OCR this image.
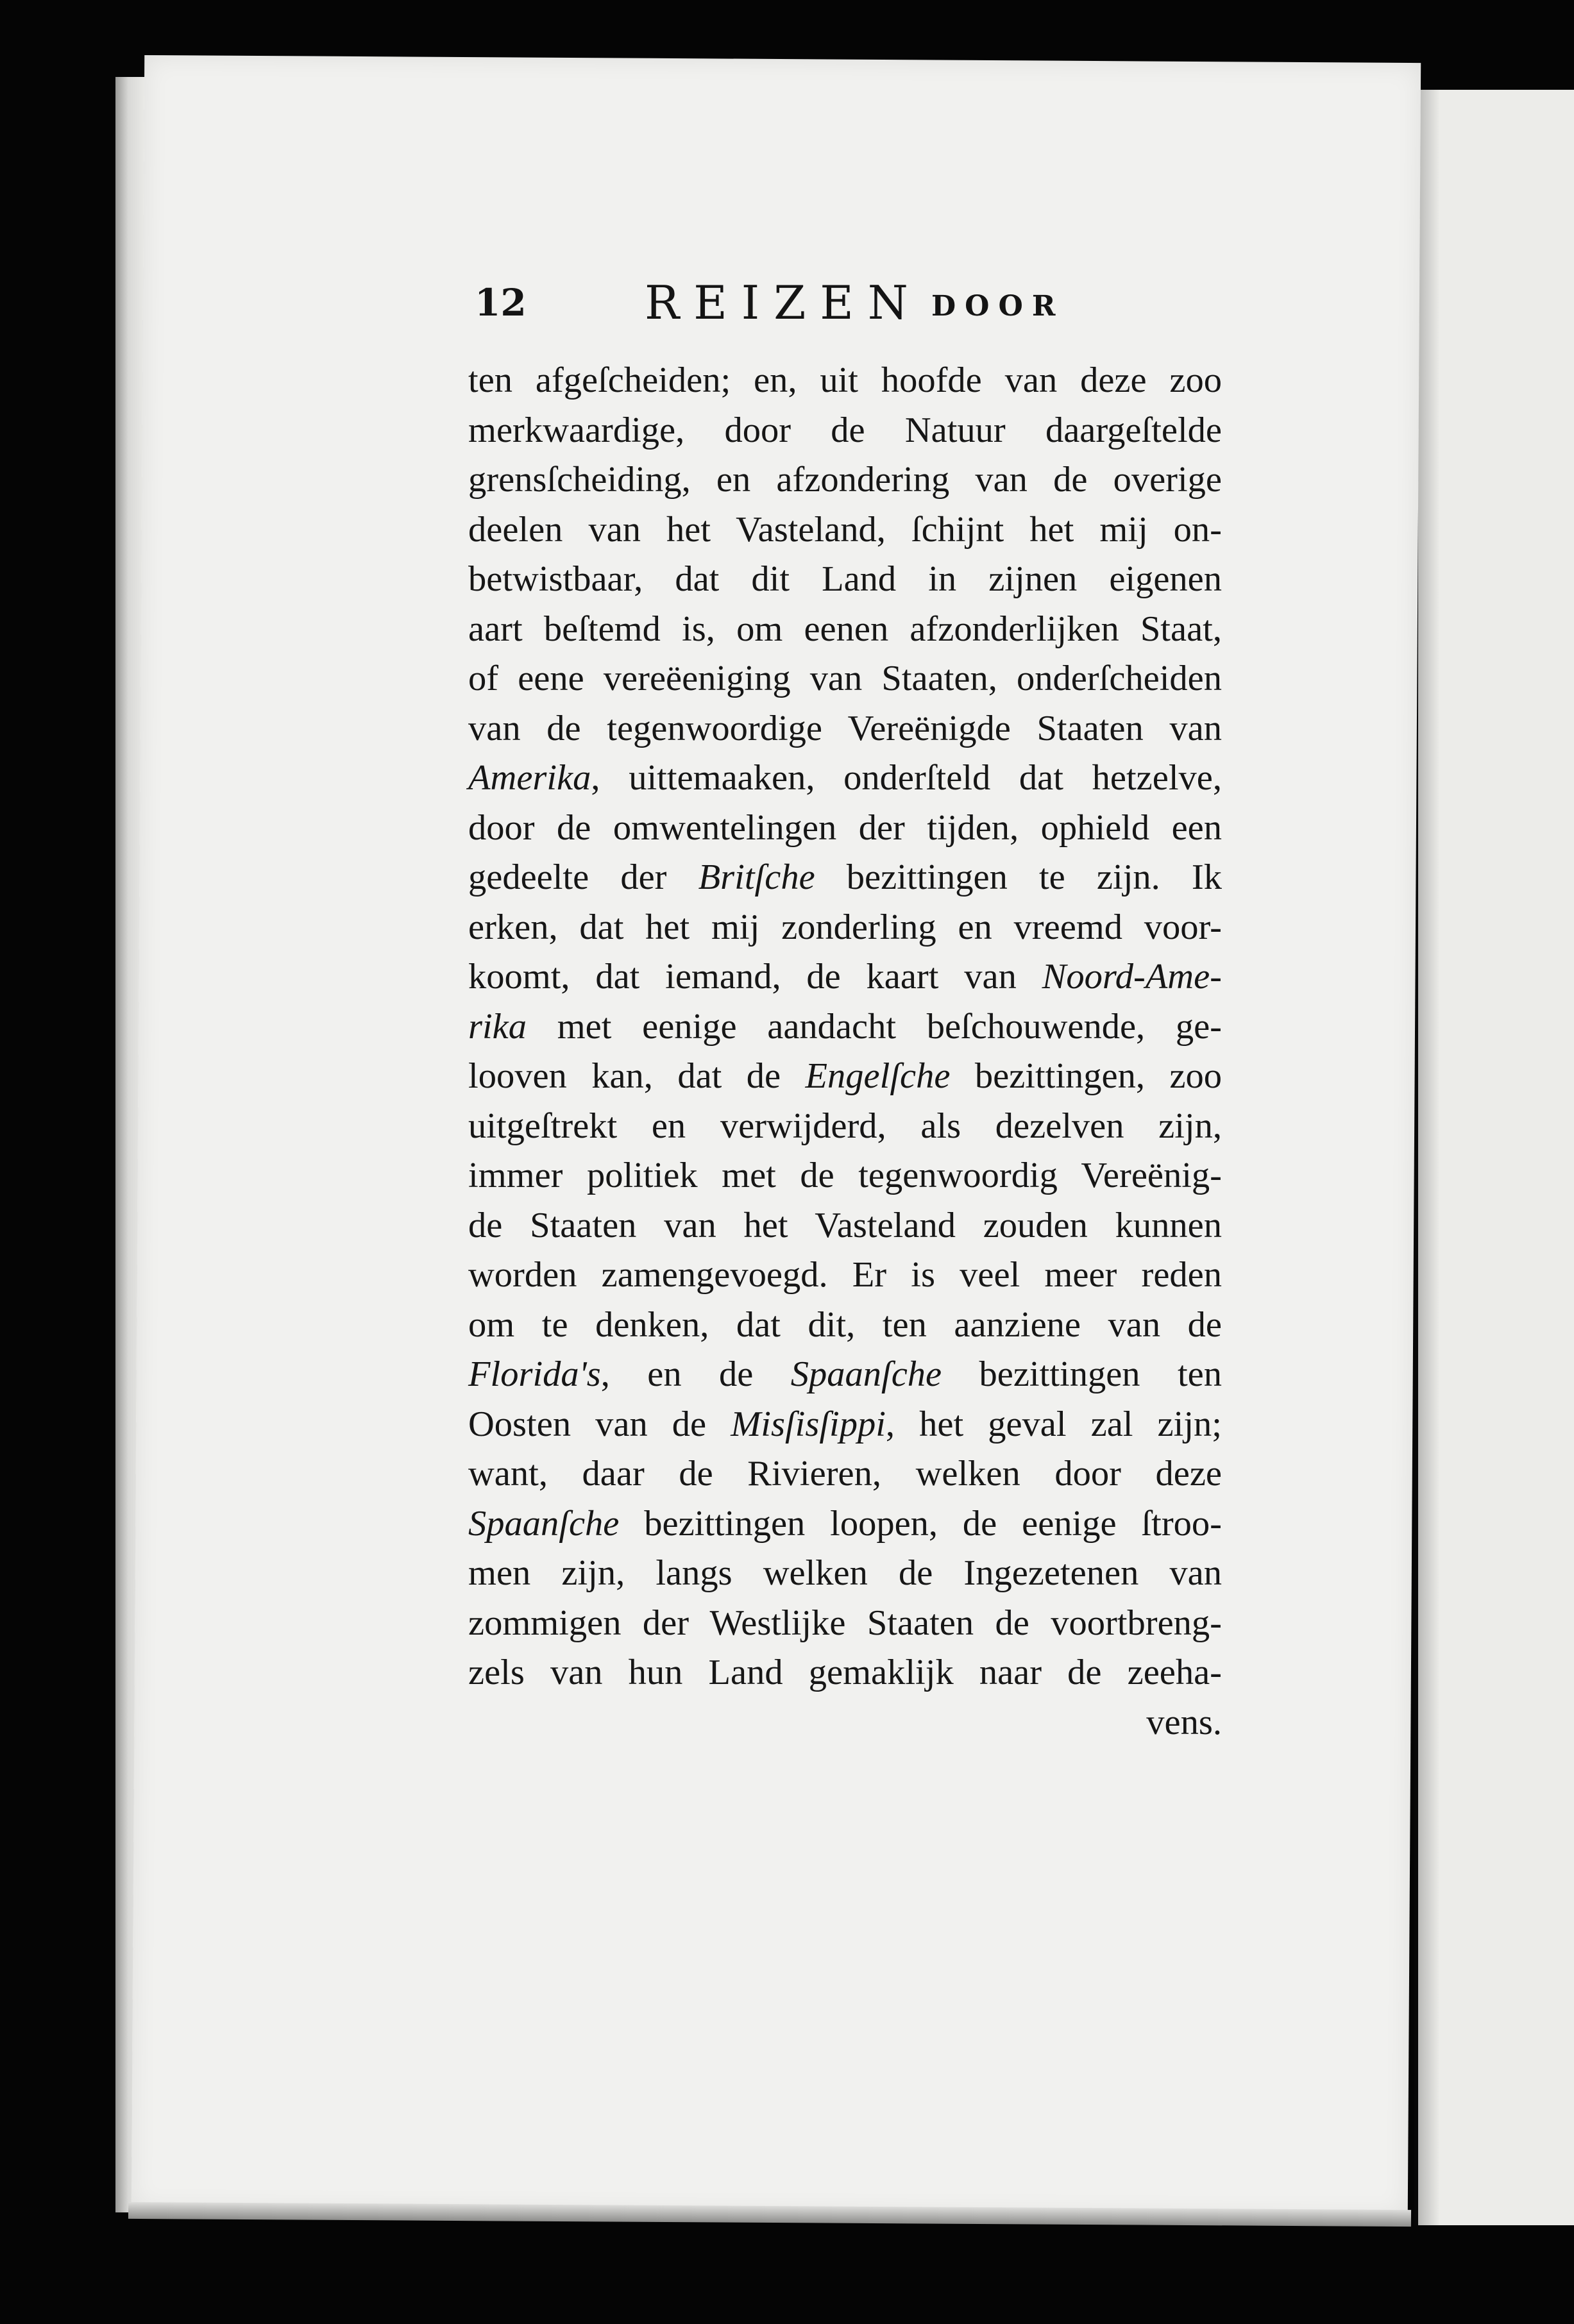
12	REIZEN DOOR
ten afgeſcheiden; en, uit hoofde van deze zoo
merkwaardige, door de Natuur daargeſtelde
grensſcheiding, en afzondering van de overige
deelen van het Vasteland, ſchijnt het mij on-
betwistbaar, dat dit Land in zijnen eigenen
aart beſtemd is, om eenen afzonderlijken Staat,
of eene vereëeniging van Staaten, onderſcheiden
van de tegenwoordige Vereënigde Staaten van
Amerika, uittemaaken, onderſteld dat hetzelve,
door de omwentelingen der tijden, ophield een
gedeelte der Britſche bezittingen te zijn. Ik
erken, dat het mij zonderling en vreemd voor-
koomt, dat iemand, de kaart van Noord-Ame-
rika met eenige aandacht beſchouwende, ge-
looven kan, dat de Engelſche bezittingen, zoo
uitgeſtrekt en verwijderd, als dezelven zijn,
immer politiek met de tegenwoordig Vereënig-
de Staaten van het Vasteland zouden kunnen
worden zamengevoegd. Er is veel meer reden
om te denken, dat dit, ten aanziene van de
Florida's, en de Spaanſche bezittingen ten
Oosten van de Misſisſippi, het geval zal zijn;
want, daar de Rivieren, welken door deze
Spaanſche bezittingen loopen, de eenige ſtroo-
men zijn, langs welken de Ingezetenen van
zommigen der Westlijke Staaten de voortbreng-
zels van hun Land gemaklijk naar de zeeha-
vens.
